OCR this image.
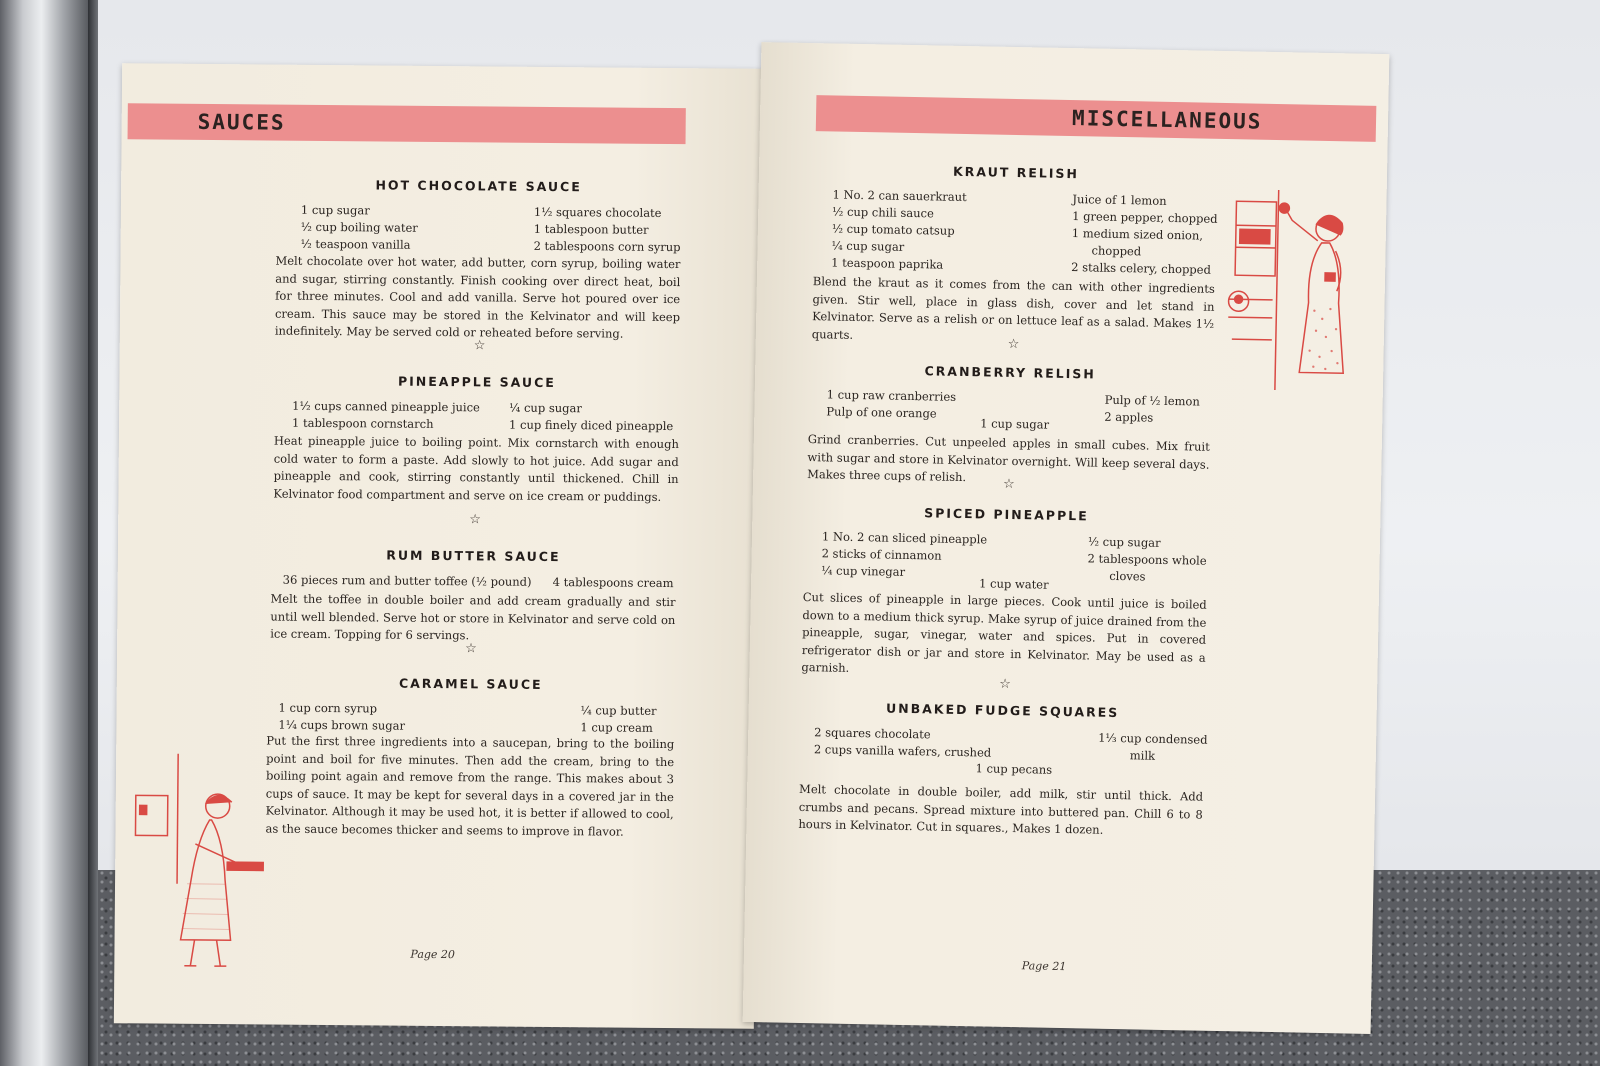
SAUCES
HOT CHOCOLATE SAUCE
1 cup sugar
½ cup boiling water
½ teaspoon vanilla
1½ squares chocolate
1 tablespoon butter
2 tablespoons corn syrup
Melt chocolate over hot water, add butter, corn syrup, boiling water and sugar, stirring constantly. Finish cooking over direct heat, boil for three minutes. Cool and add vanilla. Serve hot poured over ice cream. This sauce may be stored in the Kelvinator and will keep indefinitely. May be served cold or reheated before serving.
☆
PINEAPPLE SAUCE
1½ cups canned pineapple juice
1 tablespoon cornstarch
¼ cup sugar
1 cup finely diced pineapple
Heat pineapple juice to boiling point. Mix cornstarch with enough cold water to form a paste. Add slowly to hot juice. Add sugar and pineapple and cook, stirring constantly until thickened. Chill in Kelvinator food compartment and serve on ice cream or puddings.
☆
RUM BUTTER SAUCE
36 pieces rum and butter toffee (½ pound) 4 tablespoons cream
Melt the toffee in double boiler and add cream gradually and stir until well blended. Serve hot or store in Kelvinator and serve cold on ice cream. Topping for 6 servings.
☆
CARAMEL SAUCE
1 cup corn syrup
1¼ cups brown sugar
¼ cup butter
1 cup cream
Put the first three ingredients into a saucepan, bring to the boiling point and boil for five minutes. Then add the cream, bring to the boiling point again and remove from the range. This makes about 3 cups of sauce. It may be kept for several days in a covered jar in the Kelvinator. Although it may be used hot, it is better if allowed to cool, as the sauce becomes thicker and seems to improve in flavor.
Page 20
MISCELLANEOUS
KRAUT RELISH
1 No. 2 can sauerkraut
½ cup chili sauce
½ cup tomato catsup
¼ cup sugar
1 teaspoon paprika
Juice of 1 lemon
1 green pepper, chopped
1 medium sized onion,
chopped
2 stalks celery, chopped
Blend the kraut as it comes from the can with other ingredients given. Stir well, place in glass dish, cover and let stand in Kelvinator. Serve as a relish or on lettuce leaf as a salad. Makes 1½ quarts.
☆
CRANBERRY RELISH
1 cup raw cranberries
Pulp of one orange
Pulp of ½ lemon
2 apples
1 cup sugar
Grind cranberries. Cut unpeeled apples in small cubes. Mix fruit with sugar and store in Kelvinator overnight. Will keep several days. Makes three cups of relish.
☆
SPICED PINEAPPLE
1 No. 2 can sliced pineapple
2 sticks of cinnamon
¼ cup vinegar
½ cup sugar
2 tablespoons whole
cloves
1 cup water
Cut slices of pineapple in large pieces. Cook until juice is boiled down to a medium thick syrup. Make syrup of juice drained from the pineapple, sugar, vinegar, water and spices. Put in covered refrigerator dish or jar and store in Kelvinator. May be used as a garnish.
☆
UNBAKED FUDGE SQUARES
2 squares chocolate
2 cups vanilla wafers, crushed
1⅓ cup condensed
milk
1 cup pecans
Melt chocolate in double boiler, add milk, stir until thick. Add crumbs and pecans. Spread mixture into buttered pan. Chill 6 to 8 hours in Kelvinator. Cut in squares., Makes 1 dozen.
Page 21
